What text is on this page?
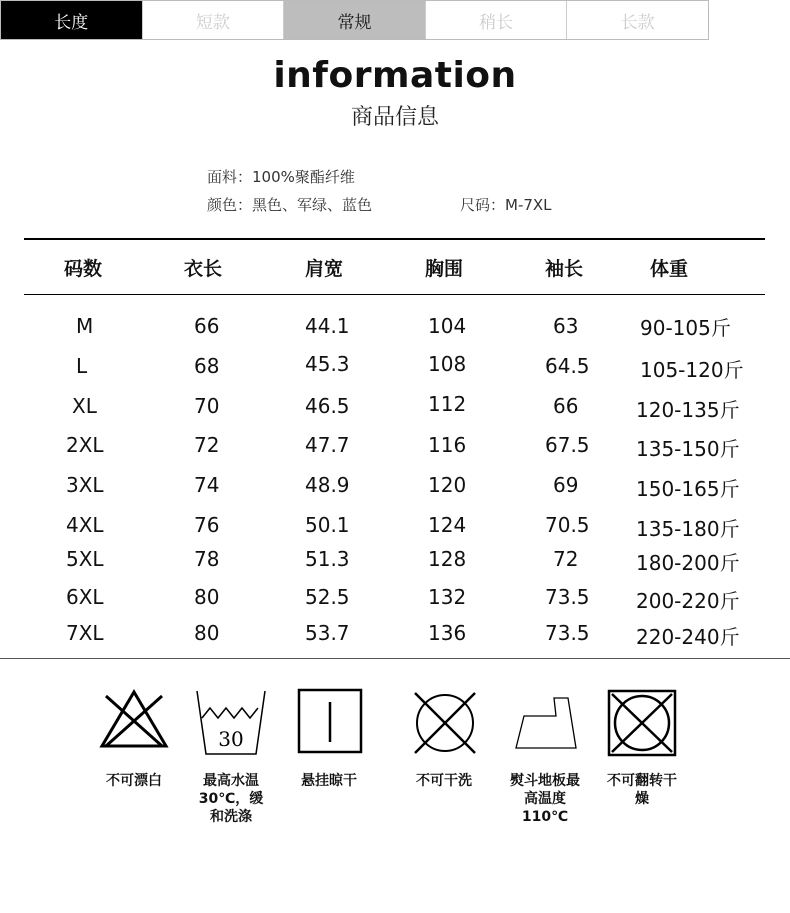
information
商品信息
面料：100%聚酯纤维
颜色：黑色、军绿、蓝色	尺码：M-7XL
码数	衣长	肩宽	胸围	袖长	体重
M	66	44.1	104	63	90-105斤
L	68	45.3	108	64.5	105-120斤
XL	70	46.5	112	66	120-135斤
2XL	72	47.7	116	67.5 135-150斤
3XL	74	48.9	120	69	150-165斤
4XL	76	50.1	124	70.5 135-180斤
5XL	78	51.3	128	72	180-200斤
6XL	80	52.5	132	73.5 200-220斤
7XL	80	53.7	136	73.5 220-240斤
不可漂白
30
最高水温
30℃，缓
和洗涤
悬挂晾干	不可干洗	熨斗地板最
高温度
110℃
不可翻转干
燥
长度	短款	常规	稍长	长款
